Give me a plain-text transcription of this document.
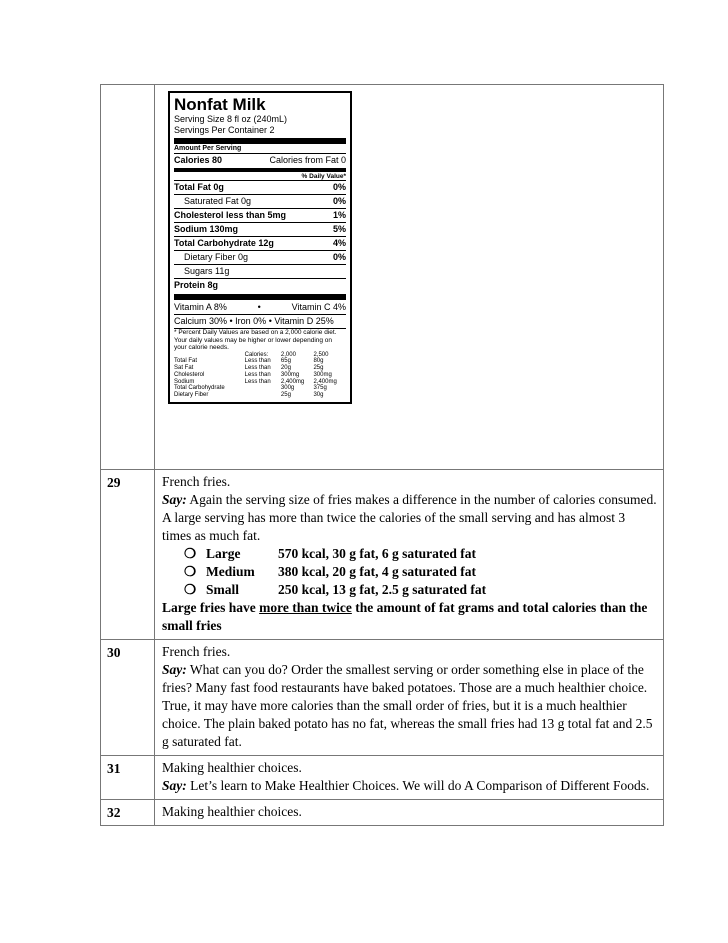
Nonfat Milk
Serving Size 8 fl oz (240mL)
Servings Per Container 2
Amount Per Serving
Calories 80	Calories from Fat 0
% Daily Value*
Total Fat 0g	0%
Saturated Fat 0g	0%
Cholesterol less than 5mg	1%
Sodium 130mg	5%
Total Carbohydrate 12g	4%
Dietary Fiber 0g	0%
Sugars 11g
Protein 8g
Vitamin A 8%	•	Vitamin C 4%
Calcium 30% • Iron 0% • Vitamin D 25%
* Percent Daily Values are based on a 2,000 calorie diet. Your daily values may be higher or lower depending on your calorie needs.
	Calories:	2,000	2,500
Total Fat	Less than	65g	80g
Sat Fat	Less than	20g	25g
Cholesterol	Less than	300mg	300mg
Sodium	Less than	2,400mg	2,400mg
Total Carbohydrate		300g	375g
Dietary Fiber		25g	30g

29	French fries.
Say: Again the serving size of fries makes a difference in the number of calories consumed. A large serving has more than twice the calories of the small serving and has almost 3 times as much fat.
❍ Large	570 kcal, 30 g fat, 6 g saturated fat
❍ Medium	380 kcal, 20 g fat, 4 g saturated fat
❍ Small	250 kcal, 13 g fat, 2.5 g saturated fat
Large fries have more than twice the amount of fat grams and total calories than the small fries

30	French fries.
Say: What can you do? Order the smallest serving or order something else in place of the fries? Many fast food restaurants have baked potatoes. Those are a much healthier choice.
True, it may have more calories than the small order of fries, but it is a much healthier choice. The plain baked potato has no fat, whereas the small fries had 13 g total fat and 2.5 g saturated fat.

31	Making healthier choices.
Say: Let’s learn to Make Healthier Choices. We will do A Comparison of Different Foods.

32	Making healthier choices.
